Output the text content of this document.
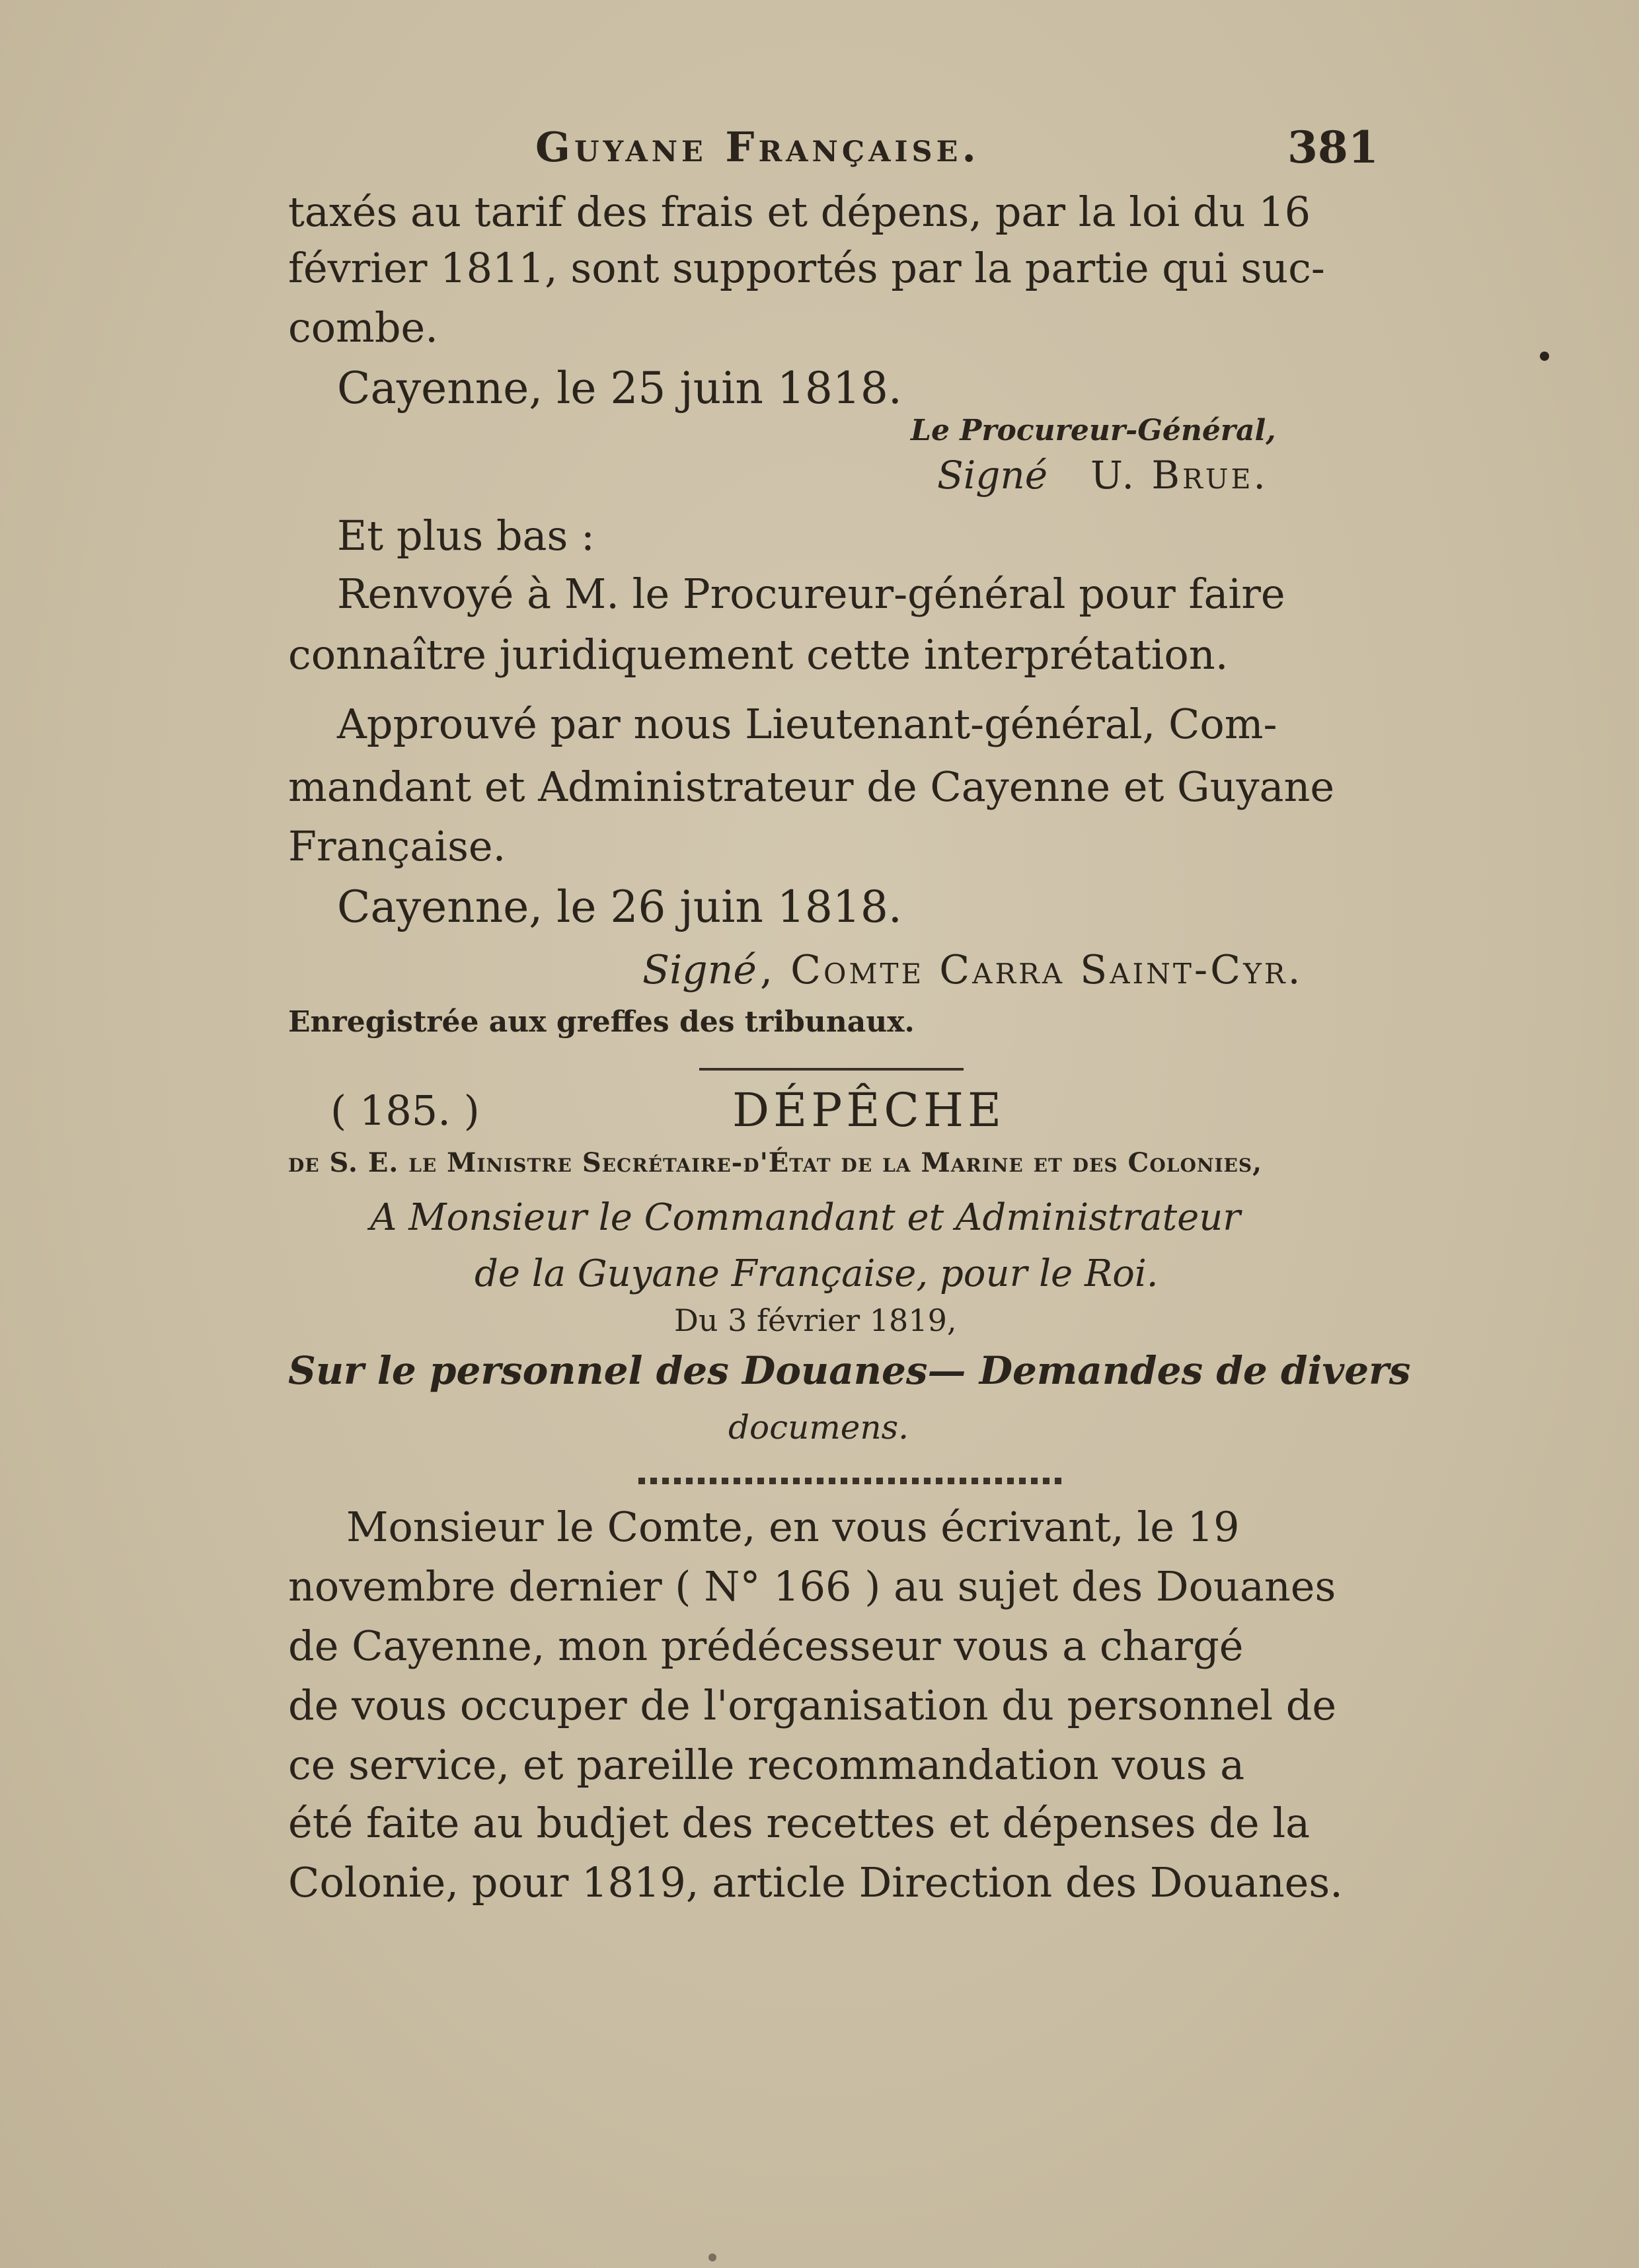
Guyane Française.	381
taxés au tarif des frais et dépens, par la loi du 16
février 1811, sont supportés par la partie qui suc-
combe.
Cayenne, le 25 juin 1818.
Le Procureur-Général,
Signé U. Brue.
Et plus bas :
Renvoyé à M. le Procureur-général pour faire
connaître juridiquement cette interprétation.
Approuvé par nous Lieutenant-général, Com-
mandant et Administrateur de Cayenne et Guyane
Française.
Cayenne, le 26 juin 1818.
Signé , Comte Carra Saint-Cyr.
Enregistrée aux greffes des tribunaux.
( 185. )	DÉPÊCHE
de S. E. le Ministre Secrétaire-d'État de la Marine et des Colonies,
A Monsieur le Commandant et Administrateur
de la Guyane Française, pour le Roi.
Du 3 février 1819,
Sur le personnel des Douanes— Demandes de divers
documens.
Monsieur le Comte, en vous écrivant, le 19
novembre dernier ( N° 166 ) au sujet des Douanes
de Cayenne, mon prédécesseur vous a chargé
de vous occuper de l'organisation du personnel de
ce service, et pareille recommandation vous a
été faite au budjet des recettes et dépenses de la
Colonie, pour 1819, article Direction des Douanes.
